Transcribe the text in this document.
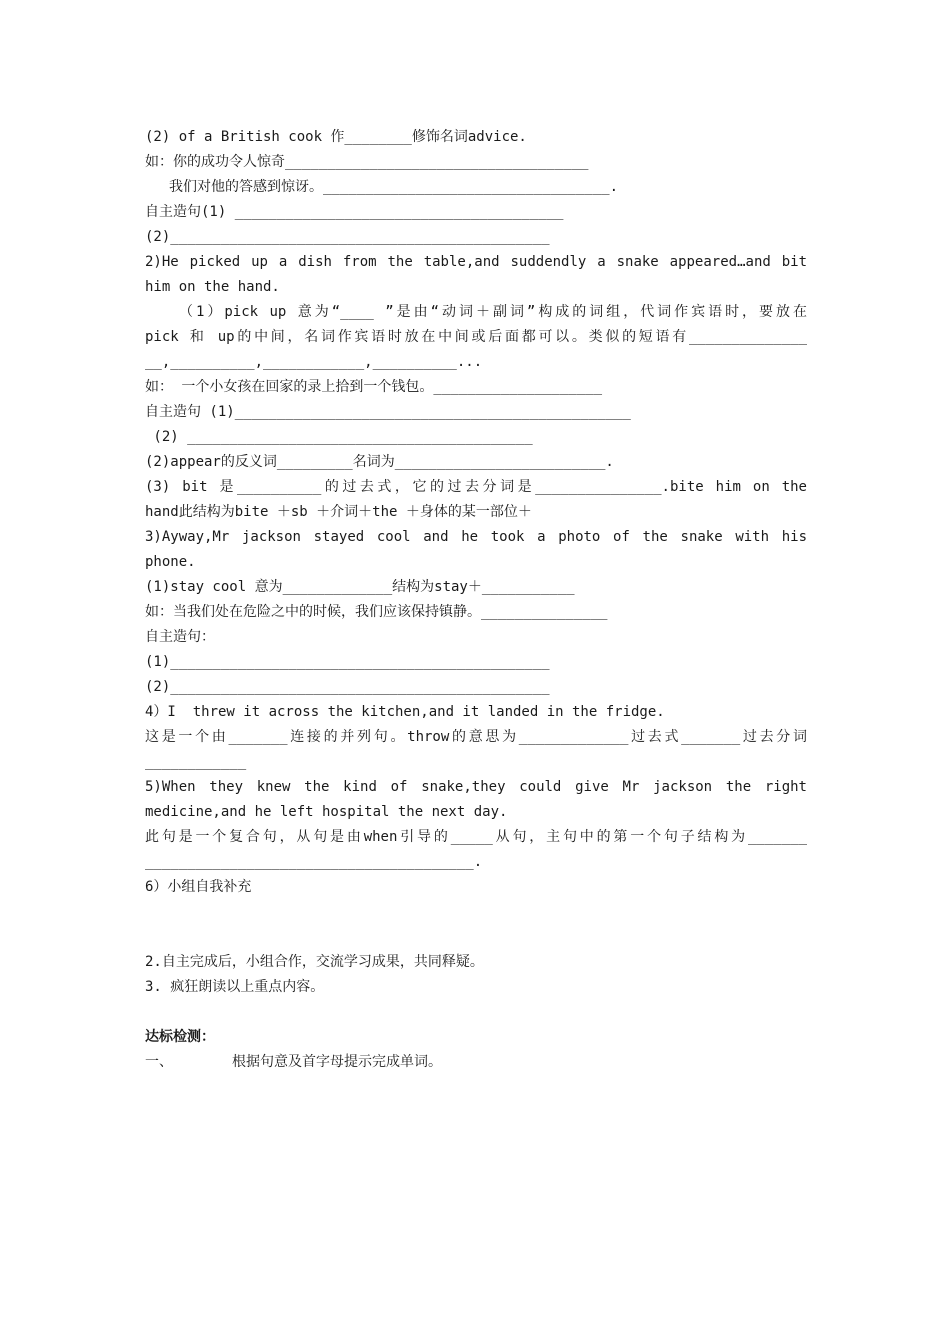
(2) of a British cook 作________修饰名词advice.
如：你的成功令人惊奇____________________________________
我们对他的答感到惊讶。__________________________________.
自主造句(1) _______________________________________
(2)_____________________________________________
2)He picked up a dish from the table,and suddendly a snake appeared…and bit
him on the hand.
（1）pick up 意为“____ ”是由“动词＋副词”构成的词组，代词作宾语时，要放在
pick 和 up的中间，名词作宾语时放在中间或后面都可以。类似的短语有______________
__,__________,____________,__________...
如： 一个小女孩在回家的录上拾到一个钱包。____________________
自主造句 (1)_______________________________________________
(2) _________________________________________
(2)appear的反义词_________名词为_________________________.
(3) bit 是__________的过去式，它的过去分词是_______________.bite him on the
hand此结构为bite ＋sb ＋介词＋the ＋身体的某一部位＋
3)Ayway,Mr jackson stayed cool and he took a photo of the snake with his
phone.
(1)stay cool 意为_____________结构为stay＋___________
如：当我们处在危险之中的时候，我们应该保持镇静。_______________
自主造句：
(1)_____________________________________________
(2)_____________________________________________
4）I  threw it across the kitchen,and it landed in the fridge.
这是一个由_______连接的并列句。throw的意思为_____________过去式_______过去分词
____________
5)When they knew the kind of snake,they could give Mr jackson the right
medicine,and he left hospital the next day.
此句是一个复合句，从句是由when引导的_____从句，主句中的第一个句子结构为_______
_______________________________________.
6）小组自我补充
2.自主完成后，小组合作，交流学习成果，共同释疑。
3. 疯狂朗读以上重点内容。
达标检测：
一、       根据句意及首字母提示完成单词。
